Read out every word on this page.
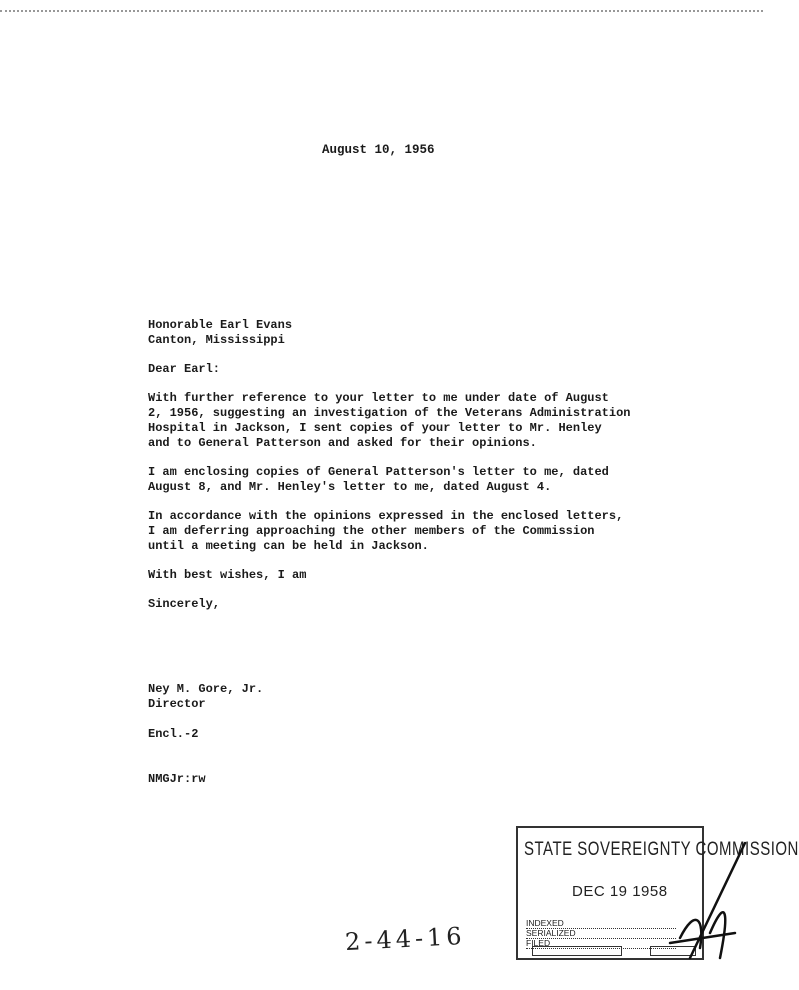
August 10, 1956
Honorable Earl Evans
Canton, Mississippi
Dear Earl:
With further reference to your letter to me under date of August
2, 1956, suggesting an investigation of the Veterans Administration
Hospital in Jackson, I sent copies of your letter to Mr. Henley
and to General Patterson and asked for their opinions.
I am enclosing copies of General Patterson's letter to me, dated
August 8, and Mr. Henley's letter to me, dated August 4.
In accordance with the opinions expressed in the enclosed letters,
I am deferring approaching the other members of the Commission
until a meeting can be held in Jackson.
With best wishes, I am
Sincerely,
Ney M. Gore, Jr.
Director
Encl.-2
NMGJr:rw
STATE SOVEREIGNTY COMMISSION
DEC 19 1958
INDEXED
SERIALIZED
FILED
2-44-16
